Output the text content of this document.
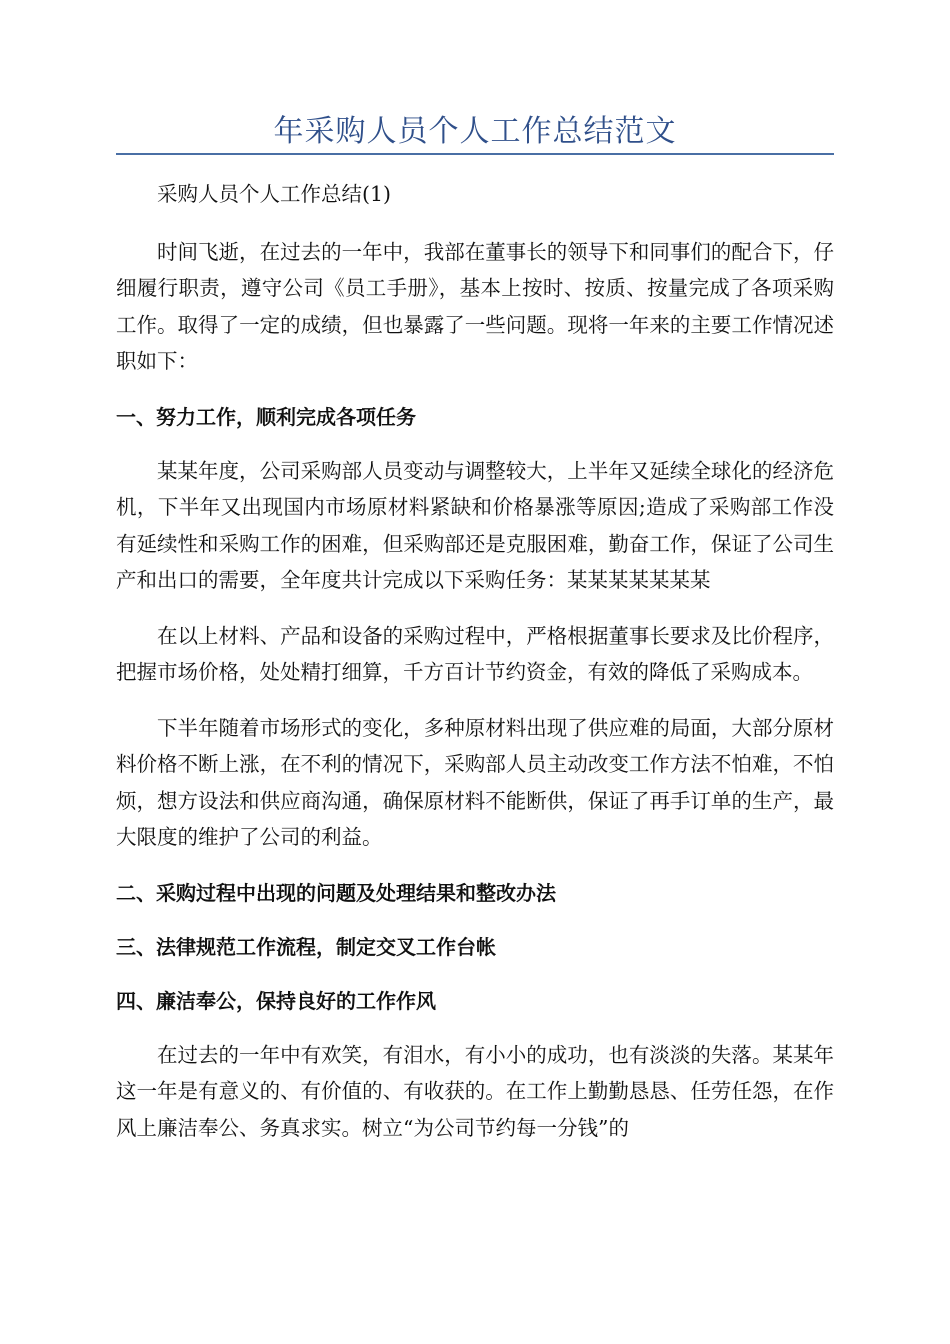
年采购人员个人工作总结范文

采购人员个人工作总结(1)

时间飞逝，在过去的一年中，我部在董事长的领导下和同事们的配合下，仔细履行职责，遵守公司《员工手册》，基本上按时、按质、按量完成了各项采购工作。取得了一定的成绩，但也暴露了一些问题。现将一年来的主要工作情况述职如下：

一、努力工作，顺利完成各项任务

某某年度，公司采购部人员变动与调整较大，上半年又延续全球化的经济危机，下半年又出现国内市场原材料紧缺和价格暴涨等原因;造成了采购部工作没有延续性和采购工作的困难，但采购部还是克服困难，勤奋工作，保证了公司生产和出口的需要，全年度共计完成以下采购任务：某某某某某某某

在以上材料、产品和设备的采购过程中，严格根据董事长要求及比价程序，把握市场价格，处处精打细算，千方百计节约资金，有效的降低了采购成本。

下半年随着市场形式的变化，多种原材料出现了供应难的局面，大部分原材料价格不断上涨，在不利的情况下，采购部人员主动改变工作方法不怕难，不怕烦，想方设法和供应商沟通，确保原材料不能断供，保证了再手订单的生产，最大限度的维护了公司的利益。

二、采购过程中出现的问题及处理结果和整改办法
三、法律规范工作流程，制定交叉工作台帐
四、廉洁奉公，保持良好的工作作风

在过去的一年中有欢笑，有泪水，有小小的成功，也有淡淡的失落。某某年这一年是有意义的、有价值的、有收获的。在工作上勤勤恳恳、任劳任怨，在作风上廉洁奉公、务真求实。树立“为公司节约每一分钱”的
